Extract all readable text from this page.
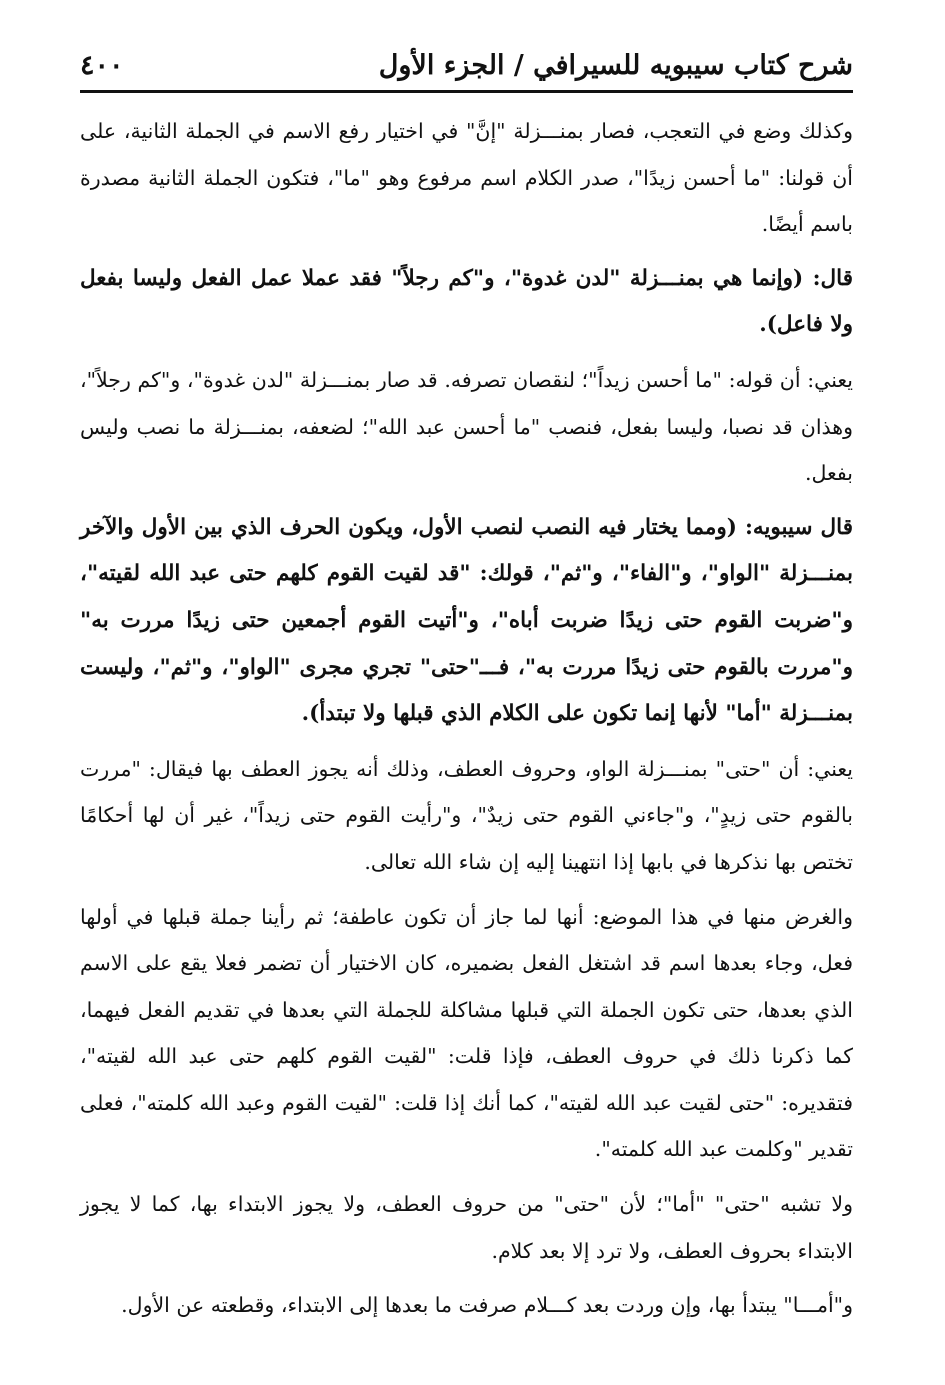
شرح كتاب سيبويه للسيرافي / الجزء الأول
٤٠٠

وكذلك وضع في التعجب، فصار بمنـــزلة "إنَّ" في اختيار رفع الاسم في الجملة الثانية، على أن قولنا: "ما أحسن زيدًا"، صدر الكلام اسم مرفوع وهو "ما"، فتكون الجملة الثانية مصدرة باسم أيضًا.

قال: (وإنما هي بمنـــزلة "لدن غدوة"، و"كم رجلاً" فقد عملا عمل الفعل وليسا بفعل ولا فاعل).

يعني: أن قوله: "ما أحسن زيداً"؛ لنقصان تصرفه. قد صار بمنـــزلة "لدن غدوة"، و"كم رجلاً"، وهذان قد نصبا، وليسا بفعل، فنصب "ما أحسن عبد الله"؛ لضعفه، بمنـــزلة ما نصب وليس بفعل.

قال سيبويه: (ومما يختار فيه النصب لنصب الأول، ويكون الحرف الذي بين الأول والآخر بمنـــزلة "الواو"، و"الفاء"، و"ثم"، قولك: "قد لقيت القوم كلهم حتى عبد الله لقيته"، و"ضربت القوم حتى زيدًا ضربت أباه"، و"أتيت القوم أجمعين حتى زيدًا مررت به" و"مررت بالقوم حتى زيدًا مررت به"، فـــ"حتى" تجري مجرى "الواو"، و"ثم"، وليست بمنـــزلة "أما" لأنها إنما تكون على الكلام الذي قبلها ولا تبتدأ).

يعني: أن "حتى" بمنـــزلة الواو، وحروف العطف، وذلك أنه يجوز العطف بها فيقال: "مررت بالقوم حتى زيدٍ"، و"جاءني القوم حتى زيدٌ"، و"رأيت القوم حتى زيداً"، غير أن لها أحكامًا تختص بها نذكرها في بابها إذا انتهينا إليه إن شاء الله تعالى.

والغرض منها في هذا الموضع: أنها لما جاز أن تكون عاطفة؛ ثم رأينا جملة قبلها في أولها فعل، وجاء بعدها اسم قد اشتغل الفعل بضميره، كان الاختيار أن تضمر فعلا يقع على الاسم الذي بعدها، حتى تكون الجملة التي قبلها مشاكلة للجملة التي بعدها في تقديم الفعل فيهما، كما ذكرنا ذلك في حروف العطف، فإذا قلت: "لقيت القوم كلهم حتى عبد الله لقيته"، فتقديره: "حتى لقيت عبد الله لقيته"، كما أنك إذا قلت: "لقيت القوم وعبد الله كلمته"، فعلى تقدير "وكلمت عبد الله كلمته".

ولا تشبه "حتى" "أما"؛ لأن "حتى" من حروف العطف، ولا يجوز الابتداء بها، كما لا يجوز الابتداء بحروف العطف، ولا ترد إلا بعد كلام.

و"أمـــا" يبتدأ بها، وإن وردت بعد كـــلام صرفت ما بعدها إلى الابتداء، وقطعته عن الأول.
